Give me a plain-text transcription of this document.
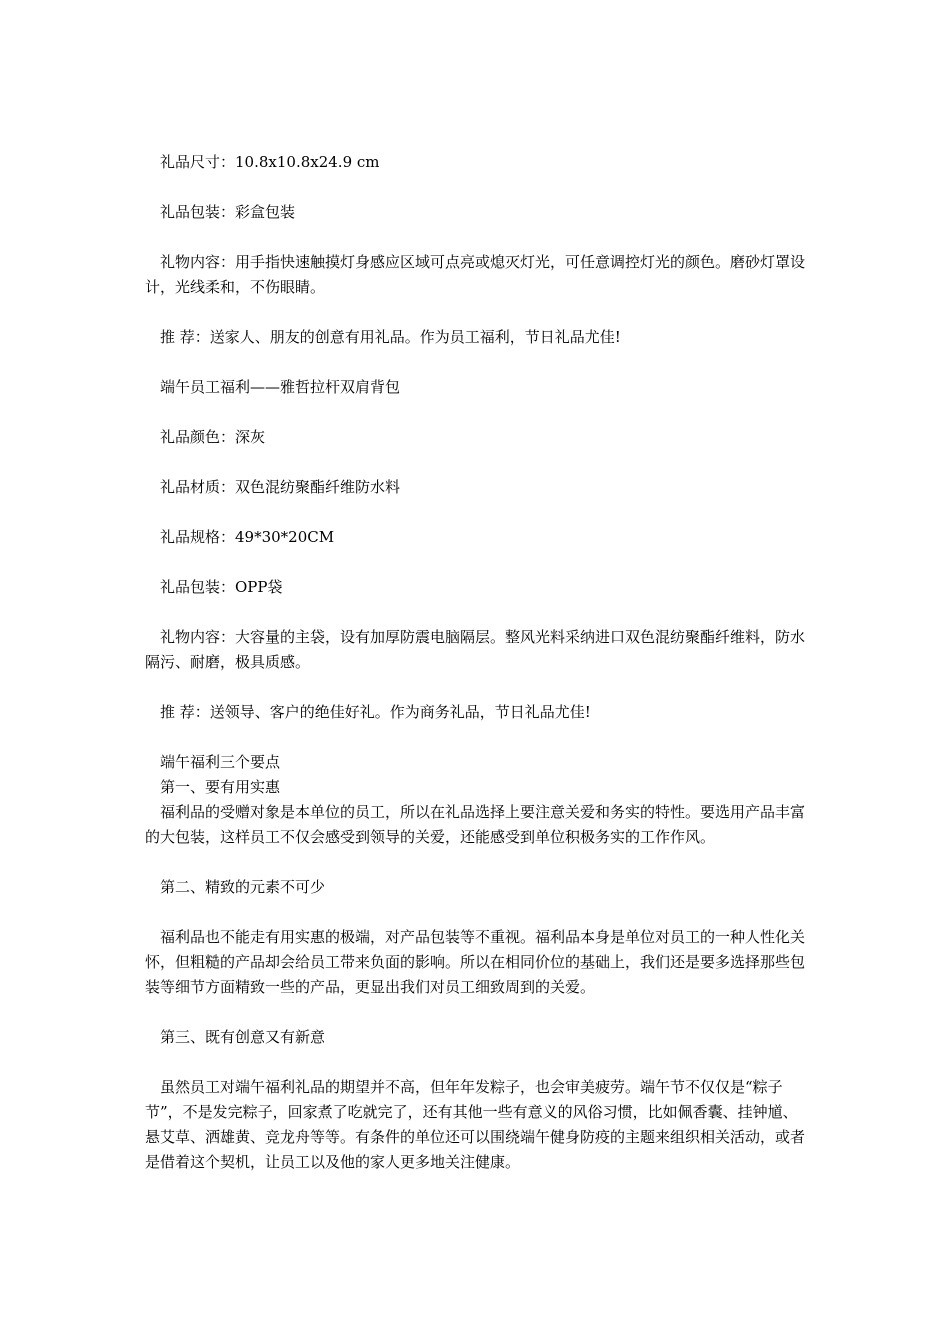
礼品尺寸：10.8x10.8x24.9 cm

礼品包装：彩盒包装

礼物内容：用手指快速触摸灯身感应区域可点亮或熄灭灯光，可任意调控灯光的颜色。磨砂灯罩设计，光线柔和，不伤眼睛。

推 荐：送家人、朋友的创意有用礼品。作为员工福利，节日礼品尤佳!

端午员工福利——雅哲拉杆双肩背包

礼品颜色：深灰

礼品材质：双色混纺聚酯纤维防水料

礼品规格：49*30*20CM

礼品包装：OPP袋

礼物内容：大容量的主袋，设有加厚防震电脑隔层。整风光料采纳进口双色混纺聚酯纤维料，防水隔污、耐磨，极具质感。

推 荐：送领导、客户的绝佳好礼。作为商务礼品，节日礼品尤佳!

端午福利三个要点

第一、要有用实惠

福利品的受赠对象是本单位的员工，所以在礼品选择上要注意关爱和务实的特性。要选用产品丰富的大包装，这样员工不仅会感受到领导的关爱，还能感受到单位积极务实的工作作风。

第二、精致的元素不可少

福利品也不能走有用实惠的极端，对产品包装等不重视。福利品本身是单位对员工的一种人性化关怀，但粗糙的产品却会给员工带来负面的影响。所以在相同价位的基础上，我们还是要多选择那些包装等细节方面精致一些的产品，更显出我们对员工细致周到的关爱。

第三、既有创意又有新意

虽然员工对端午福利礼品的期望并不高，但年年发粽子，也会审美疲劳。端午节不仅仅是“粽子节”，不是发完粽子，回家煮了吃就完了，还有其他一些有意义的风俗习惯，比如佩香囊、挂钟馗、悬艾草、洒雄黄、竞龙舟等等。有条件的单位还可以围绕端午健身防疫的主题来组织相关活动，或者是借着这个契机，让员工以及他的家人更多地关注健康。
